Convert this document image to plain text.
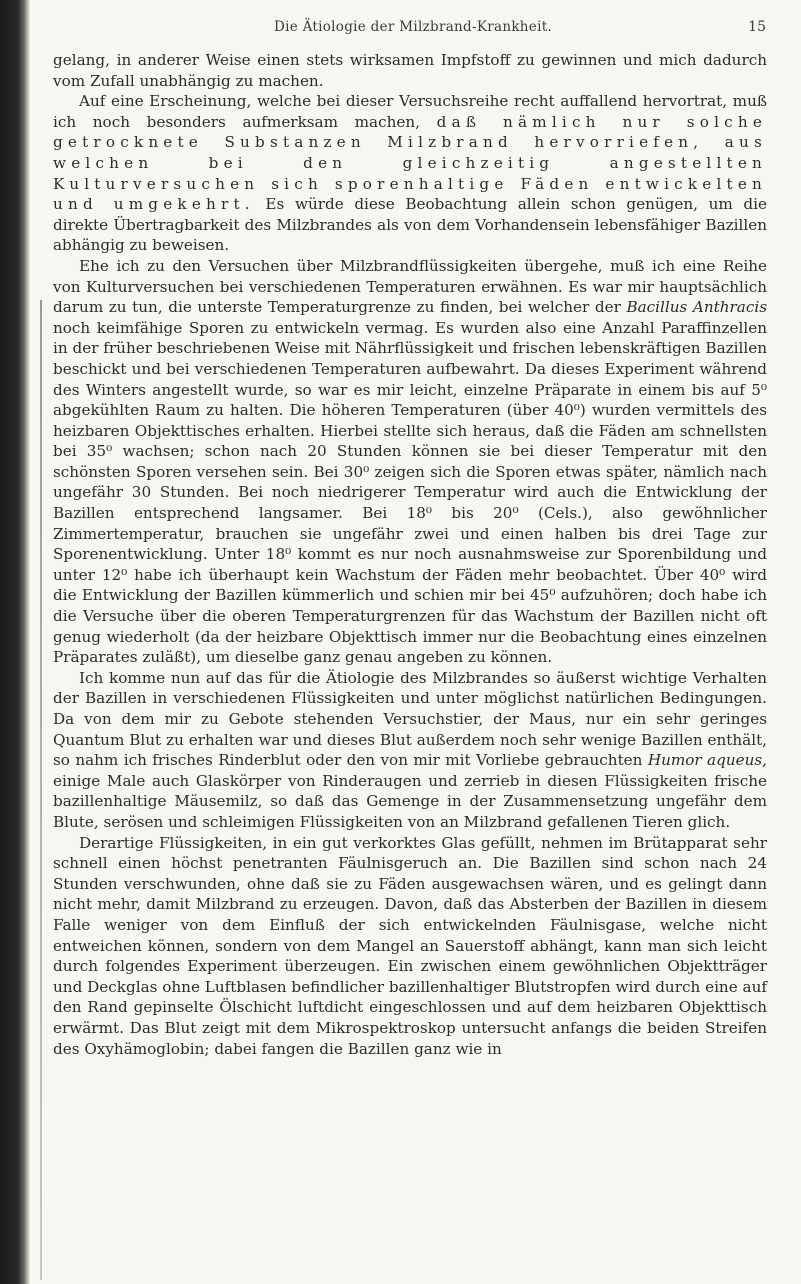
Die Ätiologie der Milzbrand-Krankheit.	15

gelang, in anderer Weise einen stets wirksamen Impfstoff zu gewinnen und mich dadurch vom Zufall unabhängig zu machen.

Auf eine Erscheinung, welche bei dieser Versuchsreihe recht auffallend hervortrat, muß ich noch besonders aufmerksam machen, daß nämlich nur solche getrocknete Substanzen Milzbrand hervorriefen, aus welchen bei den gleichzeitig angestellten Kulturversuchen sich sporenhaltige Fäden entwickelten und umgekehrt. Es würde diese Beobachtung allein schon genügen, um die direkte Übertragbarkeit des Milzbrandes als von dem Vorhandensein lebensfähiger Bazillen abhängig zu beweisen.

Ehe ich zu den Versuchen über Milzbrandflüssigkeiten übergehe, muß ich eine Reihe von Kulturversuchen bei verschiedenen Temperaturen erwähnen. Es war mir hauptsächlich darum zu tun, die unterste Temperaturgrenze zu finden, bei welcher der Bacillus Anthracis noch keimfähige Sporen zu entwickeln vermag. Es wurden also eine Anzahl Paraffinzellen in der früher beschriebenen Weise mit Nährflüssigkeit und frischen lebenskräftigen Bazillen beschickt und bei verschiedenen Temperaturen aufbewahrt. Da dieses Experiment während des Winters angestellt wurde, so war es mir leicht, einzelne Präparate in einem bis auf 5⁰ abgekühlten Raum zu halten. Die höheren Temperaturen (über 40⁰) wurden vermittels des heizbaren Objekttisches erhalten. Hierbei stellte sich heraus, daß die Fäden am schnellsten bei 35⁰ wachsen; schon nach 20 Stunden können sie bei dieser Temperatur mit den schönsten Sporen versehen sein. Bei 30⁰ zeigen sich die Sporen etwas später, nämlich nach ungefähr 30 Stunden. Bei noch niedrigerer Temperatur wird auch die Entwicklung der Bazillen entsprechend langsamer. Bei 18⁰ bis 20⁰ (Cels.), also gewöhnlicher Zimmertemperatur, brauchen sie ungefähr zwei und einen halben bis drei Tage zur Sporenentwicklung. Unter 18⁰ kommt es nur noch ausnahmsweise zur Sporenbildung und unter 12⁰ habe ich überhaupt kein Wachstum der Fäden mehr beobachtet. Über 40⁰ wird die Entwicklung der Bazillen kümmerlich und schien mir bei 45⁰ aufzuhören; doch habe ich die Versuche über die oberen Temperaturgrenzen für das Wachstum der Bazillen nicht oft genug wiederholt (da der heizbare Objekttisch immer nur die Beobachtung eines einzelnen Präparates zuläßt), um dieselbe ganz genau angeben zu können.

Ich komme nun auf das für die Ätiologie des Milzbrandes so äußerst wichtige Verhalten der Bazillen in verschiedenen Flüssigkeiten und unter möglichst natürlichen Bedingungen. Da von dem mir zu Gebote stehenden Versuchstier, der Maus, nur ein sehr geringes Quantum Blut zu erhalten war und dieses Blut außerdem noch sehr wenige Bazillen enthält, so nahm ich frisches Rinderblut oder den von mir mit Vorliebe gebrauchten Humor aqueus, einige Male auch Glaskörper von Rinderaugen und zerrieb in diesen Flüssigkeiten frische bazillenhaltige Mäusemilz, so daß das Gemenge in der Zusammensetzung ungefähr dem Blute, serösen und schleimigen Flüssigkeiten von an Milzbrand gefallenen Tieren glich.

Derartige Flüssigkeiten, in ein gut verkorktes Glas gefüllt, nehmen im Brütapparat sehr schnell einen höchst penetranten Fäulnisgeruch an. Die Bazillen sind schon nach 24 Stunden verschwunden, ohne daß sie zu Fäden ausgewachsen wären, und es gelingt dann nicht mehr, damit Milzbrand zu erzeugen. Davon, daß das Absterben der Bazillen in diesem Falle weniger von dem Einfluß der sich entwickelnden Fäulnisgase, welche nicht entweichen können, sondern von dem Mangel an Sauerstoff abhängt, kann man sich leicht durch folgendes Experiment überzeugen. Ein zwischen einem gewöhnlichen Objektträger und Deckglas ohne Luftblasen befindlicher bazillenhaltiger Blutstropfen wird durch eine auf den Rand gepinselte Ölschicht luftdicht eingeschlossen und auf dem heizbaren Objekttisch erwärmt. Das Blut zeigt mit dem Mikrospektroskop untersucht anfangs die beiden Streifen des Oxyhämoglobin; dabei fangen die Bazillen ganz wie in
